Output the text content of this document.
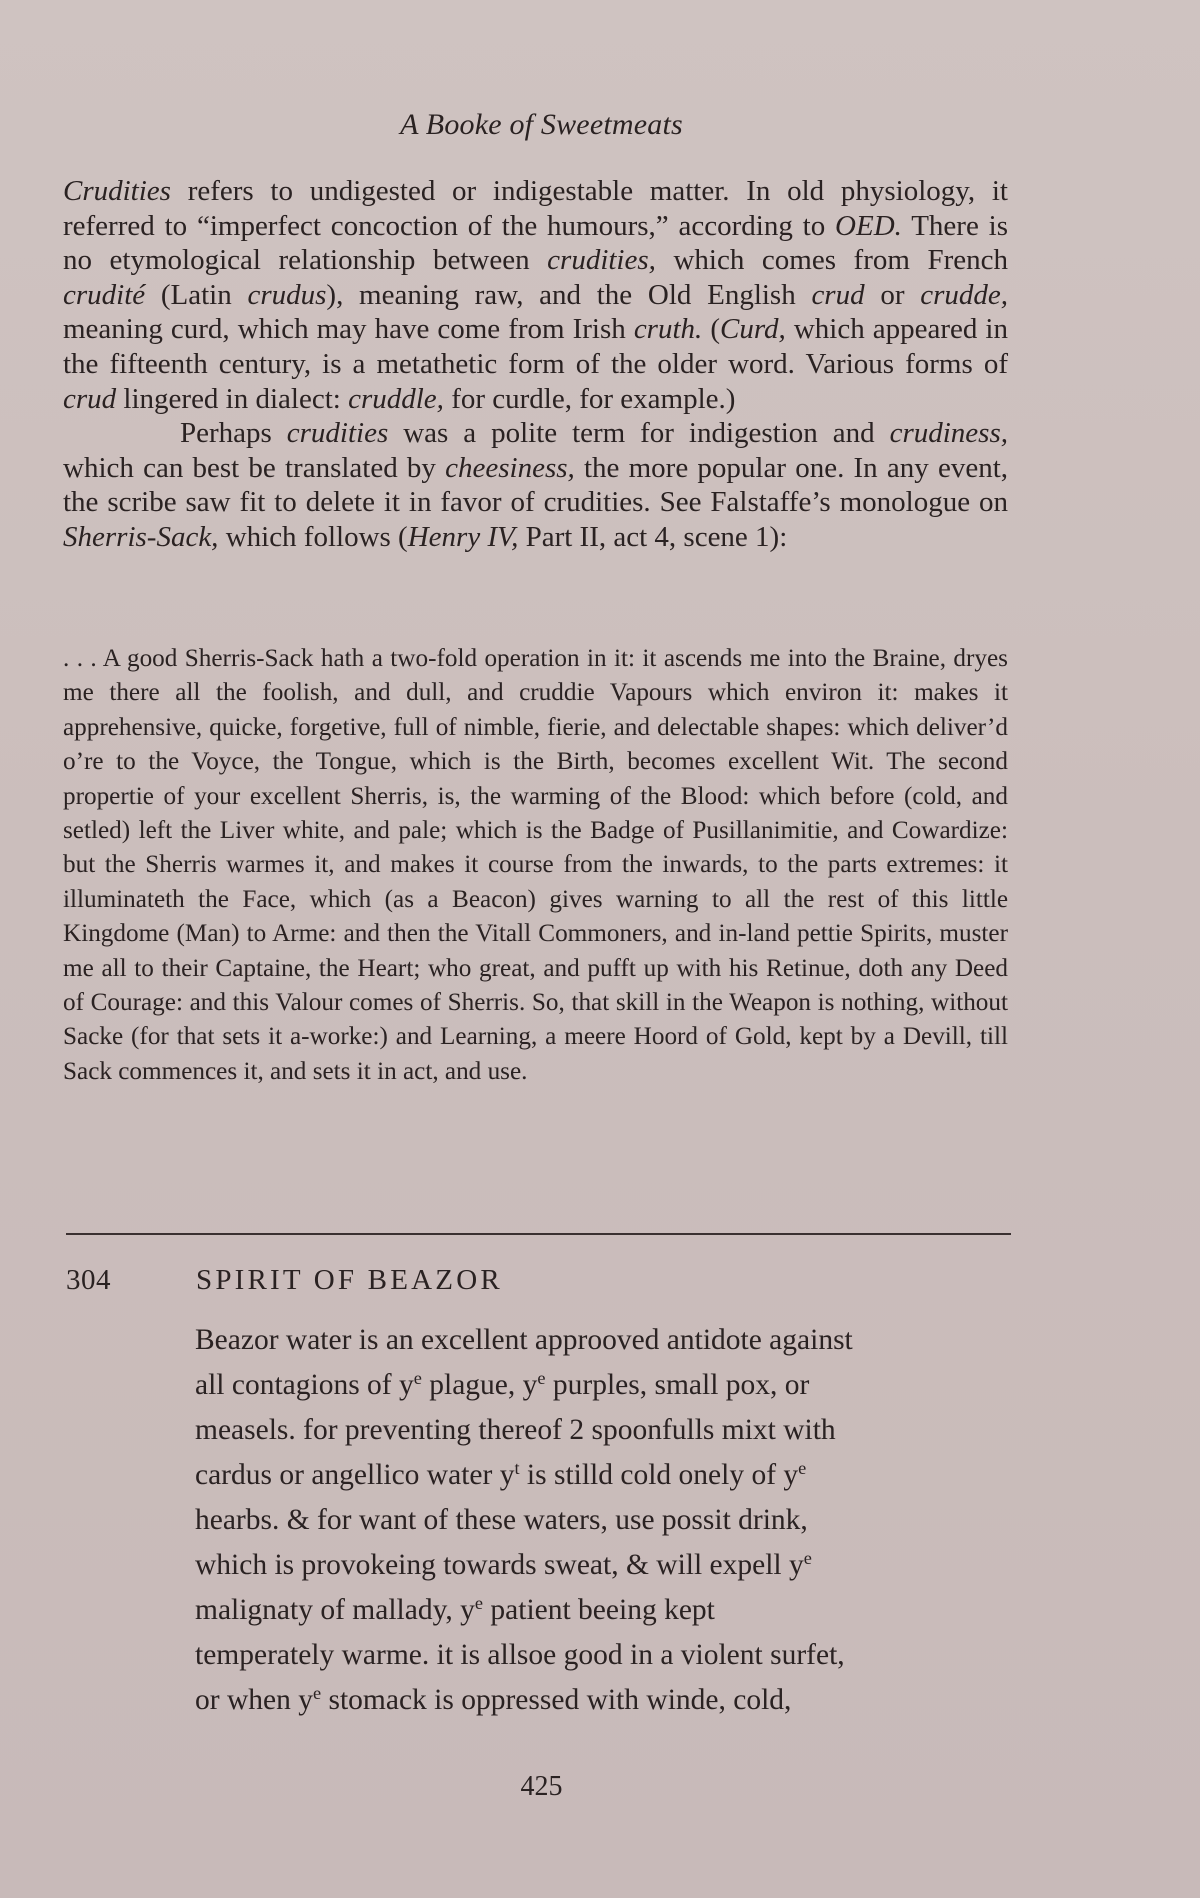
A Booke of Sweetmeats

Crudities refers to undigested or indigestable matter. In old physiology, it referred to “imperfect concoction of the humours,” according to OED. There is no etymological relationship between crudities, which comes from French crudité (Latin crudus), meaning raw, and the Old English crud or crudde, meaning curd, which may have come from Irish cruth. (Curd, which appeared in the fifteenth century, is a metathetic form of the older word. Various forms of crud lingered in dialect: cruddle, for curdle, for example.)

Perhaps crudities was a polite term for indigestion and crudiness, which can best be translated by cheesiness, the more popular one. In any event, the scribe saw fit to delete it in favor of crudities. See Falstaffe’s monologue on Sherris-Sack, which follows (Henry IV, Part II, act 4, scene 1):

. . . A good Sherris-Sack hath a two-fold operation in it: it ascends me into the Braine, dryes me there all the foolish, and dull, and cruddie Vapours which environ it: makes it apprehensive, quicke, forgetive, full of nimble, fierie, and delectable shapes: which deliver’d o’re to the Voyce, the Tongue, which is the Birth, becomes excellent Wit. The second propertie of your excellent Sherris, is, the warming of the Blood: which before (cold, and setled) left the Liver white, and pale; which is the Badge of Pusillanimitie, and Cowardize: but the Sherris warmes it, and makes it course from the inwards, to the parts extremes: it illuminateth the Face, which (as a Beacon) gives warning to all the rest of this little Kingdome (Man) to Arme: and then the Vitall Commoners, and in-land pettie Spirits, muster me all to their Captaine, the Heart; who great, and pufft up with his Retinue, doth any Deed of Courage: and this Valour comes of Sherris. So, that skill in the Weapon is nothing, without Sacke (for that sets it a-worke:) and Learning, a meere Hoord of Gold, kept by a Devill, till Sack commences it, and sets it in act, and use.

304	SPIRIT OF BEAZOR
Beazor water is an excellent approoved antidote against
all contagions of $y^e$ plague, $y^e$ purples, small pox, or
measels. for preventing thereof 2 spoonfulls mixt with
cardus or angellico water $y^t$ is stilld cold onely of $y^e$
hearbs. & for want of these waters, use possit drink,
which is provokeing towards sweat, & will expell $y^e$
malignaty of mallady, $y^e$ patient beeing kept
temperately warme. it is allsoe good in a violent surfet,
or when $y^e$ stomack is oppressed with winde, cold,
425
